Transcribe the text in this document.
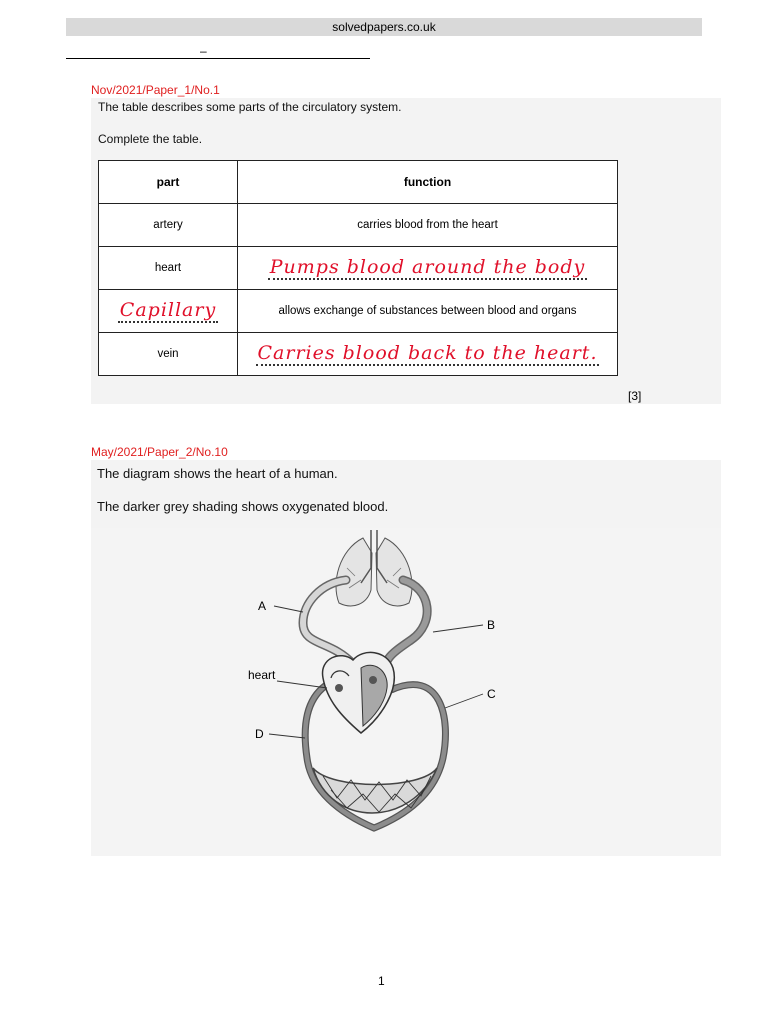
solvedpapers.co.uk
–
Nov/2021/Paper_1/No.1
The table describes some parts of the circulatory system.
Complete the table.
part	function
artery	carries blood from the heart
heart	Pumps blood around the body
Capillary	allows exchange of substances between blood and organs
vein	Carries blood back to the heart.
[3]
May/2021/Paper_2/No.10
The diagram shows the heart of a human.
The darker grey shading shows oxygenated blood.
A
B
heart
C
D
1
